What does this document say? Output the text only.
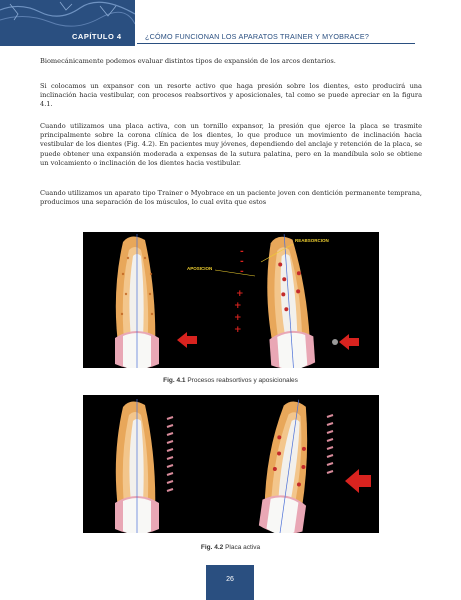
CAPÍTULO 4	¿CÓMO FUNCIONAN LOS APARATOS TRAINER Y MYOBRACE?

Biomecánicamente podemos evaluar distintos tipos de expansión de los arcos dentarios.

Si colocamos un expansor con un resorte activo que haga presión sobre los dientes, esto producirá una inclinación hacia vestibular, con procesos reabsortivos y aposicionales, tal como se puede apreciar en la figura 4.1.

Cuando utilizamos una placa activa, con un tornillo expansor, la presión que ejerce la placa se trasmite principalmente sobre la corona clínica de los dientes, lo que produce un movimiento de inclinación hacia vestibular de los dientes (Fig. 4.2). En pacientes muy jóvenes, dependiendo del anclaje y retención de la placa, se puede obtener una expansión moderada a expensas de la sutura palatina, pero en la mandíbula solo se obtiene un volcamiento o inclinación de los dientes hacia vestibular.

Cuando utilizamos un aparato tipo Trainer o Myobrace en un paciente joven con dentición permanente temprana, producimos una separación de los músculos, lo cual evita que estos

-
-
-
+
+
+
+
REABSORCION
APOSICION
Fig. 4.1 Procesos reabsortivos y aposicionales
Fig. 4.2 Placa activa
26
